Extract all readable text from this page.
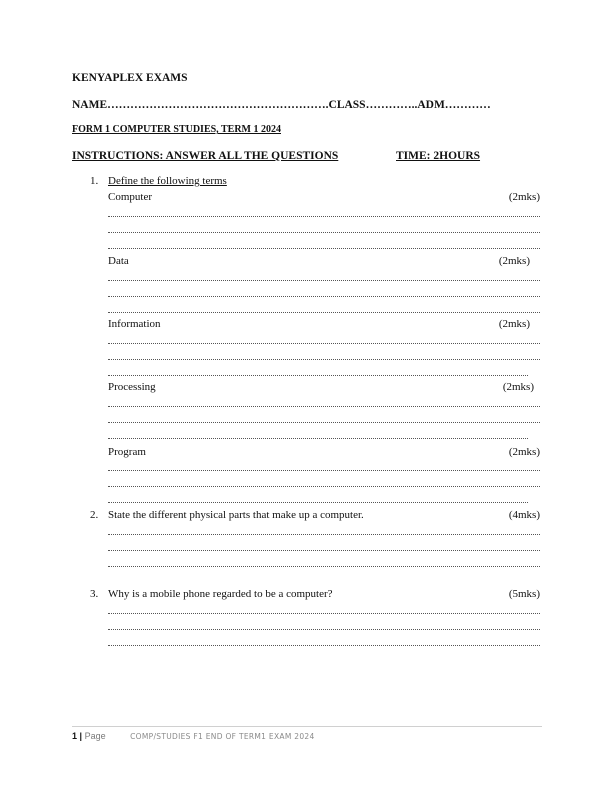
KENYAPLEX EXAMS
NAME………………………………………………….CLASS…………..ADM…………
FORM 1 COMPUTER STUDIES, TERM 1 2024
INSTRUCTIONS: ANSWER ALL THE QUESTIONS	TIME: 2HOURS
1. Define the following terms
Computer	(2mks)
Data	(2mks)
Information	(2mks)
Processing	(2mks)
Program	(2mks)
2. State the different physical parts that make up a computer.	(4mks)
3. Why is a mobile phone regarded to be a computer?	(5mks)
1 | Page	COMP/STUDIES F1 END OF TERM1 EXAM 2024
